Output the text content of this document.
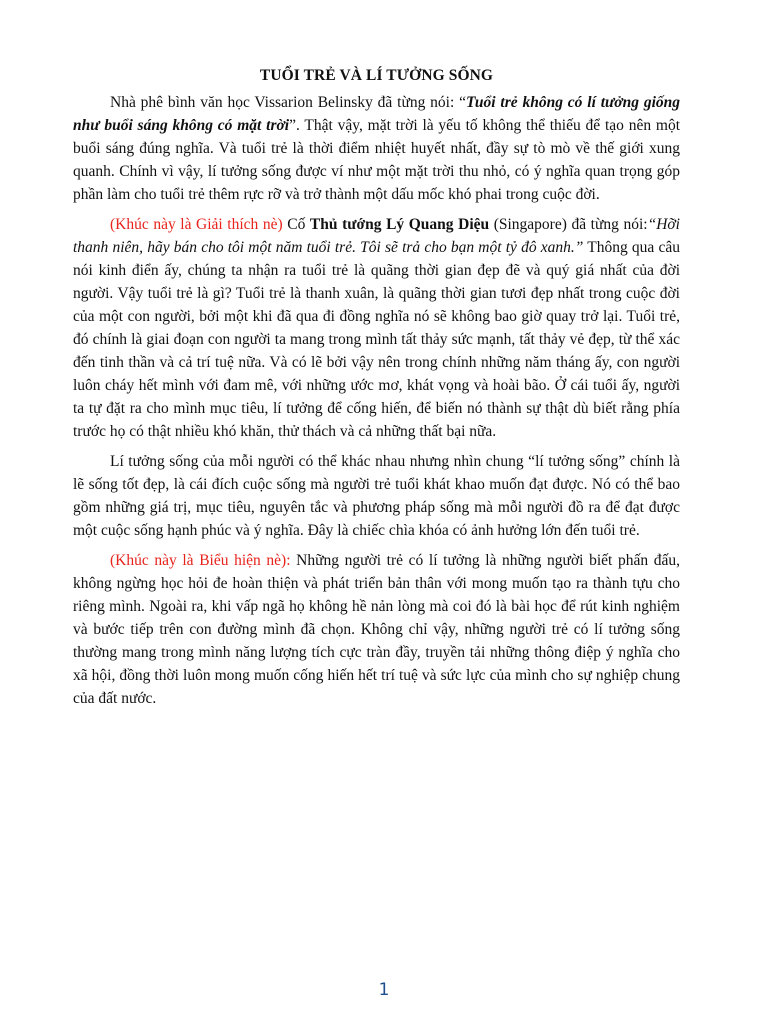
TUỔI TRẺ VÀ LÍ TƯỞNG SỐNG

Nhà phê bình văn học Vissarion Belinsky đã từng nói: “Tuổi trẻ không có lí tưởng giống như buổi sáng không có mặt trời”. Thật vậy, mặt trời là yếu tố không thể thiếu để tạo nên một buổi sáng đúng nghĩa. Và tuổi trẻ là thời điểm nhiệt huyết nhất, đầy sự tò mò về thế giới xung quanh. Chính vì vậy, lí tưởng sống được ví như một mặt trời thu nhỏ, có ý nghĩa quan trọng góp phần làm cho tuổi trẻ thêm rực rỡ và trở thành một dấu mốc khó phai trong cuộc đời.

(Khúc này là Giải thích nè) Cố Thủ tướng Lý Quang Diệu (Singapore) đã từng nói:“Hỡi thanh niên, hãy bán cho tôi một năm tuổi trẻ. Tôi sẽ trả cho bạn một tỷ đô xanh.” Thông qua câu nói kinh điển ấy, chúng ta nhận ra tuổi trẻ là quãng thời gian đẹp đẽ và quý giá nhất của đời người. Vậy tuổi trẻ là gì? Tuổi trẻ là thanh xuân, là quãng thời gian tươi đẹp nhất trong cuộc đời của một con người, bởi một khi đã qua đi đồng nghĩa nó sẽ không bao giờ quay trở lại. Tuổi trẻ, đó chính là giai đoạn con người ta mang trong mình tất thảy sức mạnh, tất thảy vẻ đẹp, từ thể xác đến tinh thần và cả trí tuệ nữa. Và có lẽ bởi vậy nên trong chính những năm tháng ấy, con người luôn cháy hết mình với đam mê, với những ước mơ, khát vọng và hoài bão. Ở cái tuổi ấy, người ta tự đặt ra cho mình mục tiêu, lí tưởng để cống hiến, để biến nó thành sự thật dù biết rằng phía trước họ có thật nhiều khó khăn, thử thách và cả những thất bại nữa.

Lí tưởng sống của mỗi người có thể khác nhau nhưng nhìn chung “lí tưởng sống” chính là lẽ sống tốt đẹp, là cái đích cuộc sống mà người trẻ tuổi khát khao muốn đạt được. Nó có thể bao gồm những giá trị, mục tiêu, nguyên tắc và phương pháp sống mà mỗi người đồ ra để đạt được một cuộc sống hạnh phúc và ý nghĩa. Đây là chiếc chìa khóa có ảnh hưởng lớn đến tuổi trẻ.

(Khúc này là Biểu hiện nè): Những người trẻ có lí tưởng là những người biết phấn đấu, không ngừng học hỏi đe hoàn thiện và phát triển bản thân với mong muốn tạo ra thành tựu cho riêng mình. Ngoài ra, khi vấp ngã họ không hề nản lòng mà coi đó là bài học để rút kinh nghiệm và bước tiếp trên con đường mình đã chọn. Không chỉ vậy, những người trẻ có lí tưởng sống thường mang trong mình năng lượng tích cực tràn đầy, truyền tải những thông điệp ý nghĩa cho xã hội, đồng thời luôn mong muốn cống hiến hết trí tuệ và sức lực của mình cho sự nghiệp chung của đất nước.

1
